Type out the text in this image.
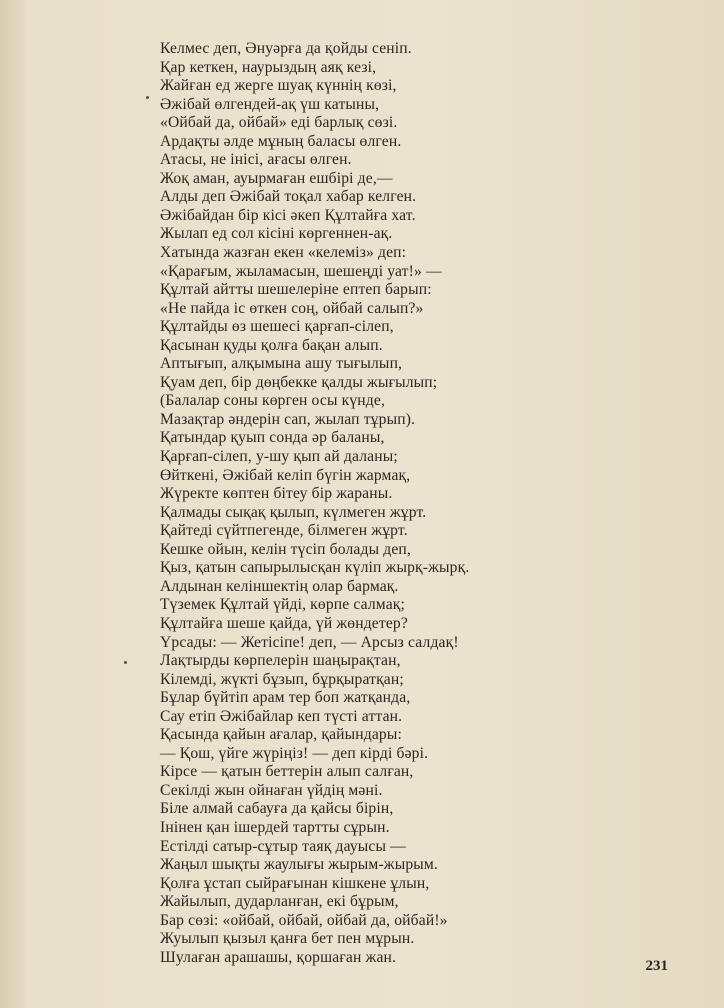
Келмес деп, Әнуәрға да қойды сеніп.
Қар кеткен, наурыздың аяқ кезі,
Жайған ед жерге шуақ күннің көзі,
Әжібай өлгендей-ақ үш катыны,
«Ойбай да, ойбай» еді барлық сөзі.
Ардақты әлде мұның баласы өлген.
Атасы, не інісі, ағасы өлген.
Жоқ аман, ауырмаған ешбірі де,—
Алды деп Әжібай тоқал хабар келген.
Әжібайдан бір кісі әкеп Құлтайға хат.
Жылап ед сол кісіні көргеннен-ақ.
Хатында жазған екен «келеміз» деп:
«Қарағым, жыламасын, шешеңді уат!» —
Құлтай айтты шешелеріне ептеп барып:
«Не пайда іс өткен соң, ойбай салып?»
Құлтайды өз шешесі қарғап-сілеп,
Қасынан қуды қолға бақан алып.
Аптығып, алқымына ашу тығылып,
Қуам деп, бір дөңбекке қалды жығылып;
(Балалар соны көрген осы күнде,
Мазақтар әндерін сап, жылап тұрып).
Қатындар қуып сонда әр баланы,
Қарғап-сілеп, у-шу қып ай даланы;
Өйткені, Әжібай келіп бүгін жармақ,
Жүректе көптен бітеу бір жараны.
Қалмады сықақ қылып, күлмеген жұрт.
Қайтеді сүйтпегенде, білмеген жұрт.
Кешке ойын, келін түсіп болады деп,
Қыз, қатын сапырылысқан күліп жырқ-жырқ.
Алдынан келіншектің олар бармақ.
Түземек Құлтай үйді, көрпе салмақ;
Құлтайға шеше қайда, үй жөндетер?
Үрсады: — Жетісіпе! деп, — Арсыз салдақ!
Лақтырды көрпелерін шаңырақтан,
Кілемді, жүкті бұзып, бұрқыратқан;
Бұлар бүйтіп арам тер боп жатқанда,
Сау етіп Әжібайлар кеп түсті аттан.
Қасында қайын ағалар, қайындары:
— Қош, үйге жүріңіз! — деп кірді бәрі.
Кірсе — қатын беттерін алып салған,
Секілді жын ойнаған үйдің мәні.
Біле алмай сабауға да қайсы бірін,
Інінен қан ішердей тартты сұрын.
Естілді сатыр-сұтыр таяқ дауысы —
Жаңыл шықты жаулығы жырым-жырым.
Қолға ұстап сыйрағынан кішкене ұлын,
Жайылып, дударланған, екі бұрым,
Бар сөзі: «ойбай, ойбай, ойбай да, ойбай!»
Жуылып қызыл қанға бет пен мұрын.
Шулаған арашашы, қоршаған жан.
231
